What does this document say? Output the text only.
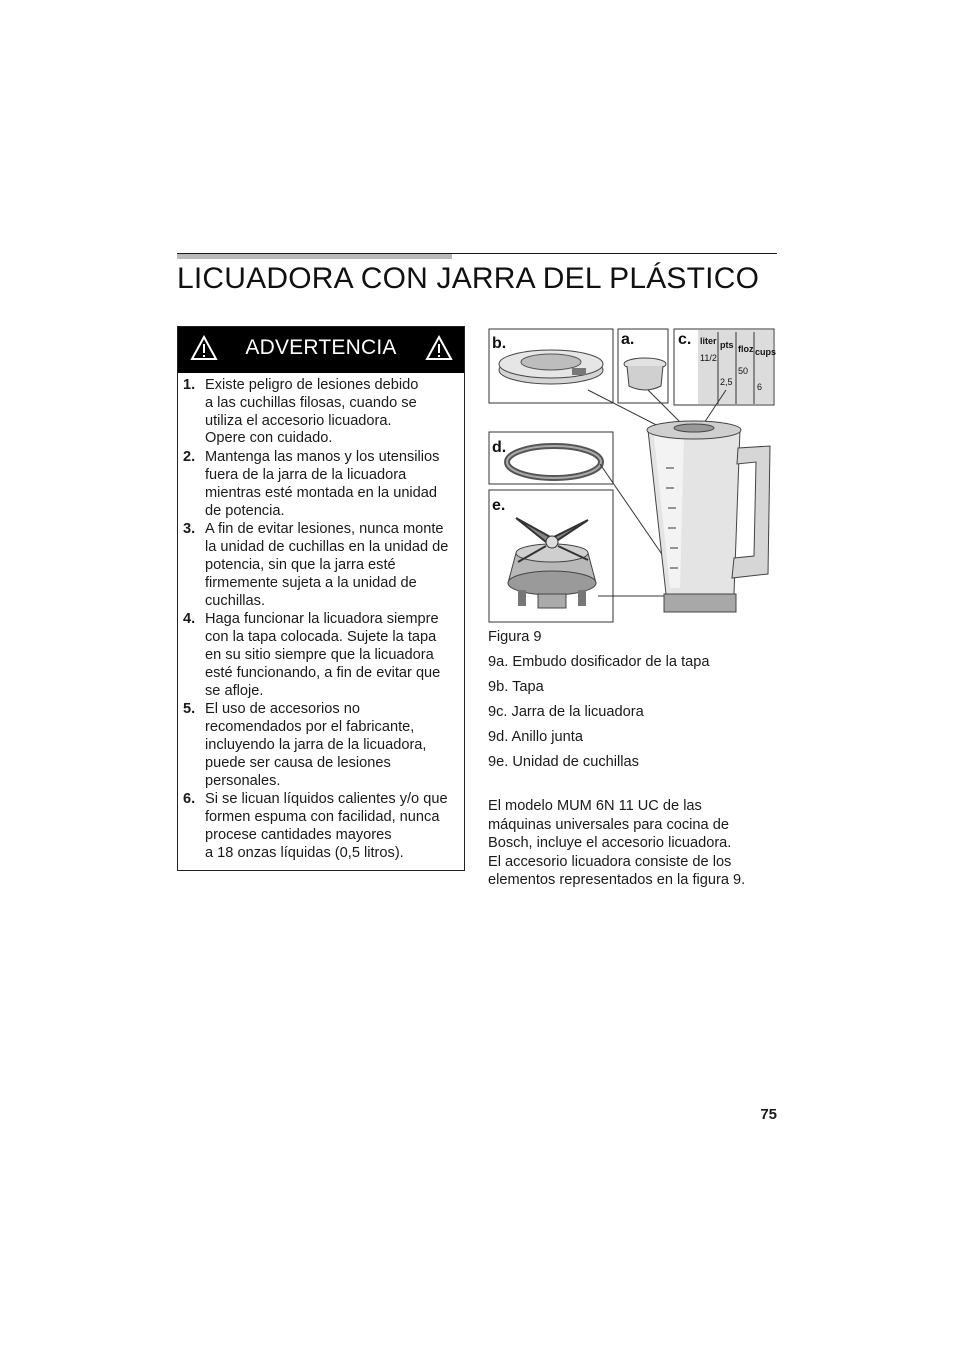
LICUADORA CON JARRA DEL PLÁSTICO
ADVERTENCIA
1. Existe peligro de lesiones debido
a las cuchillas filosas, cuando se
utiliza el accesorio licuadora.
Opere con cuidado.
2. Mantenga las manos y los utensilios
fuera de la jarra de la licuadora
mientras esté montada en la unidad
de potencia.
3. A fin de evitar lesiones, nunca monte
la unidad de cuchillas en la unidad de
potencia, sin que la jarra esté
firmemente sujeta a la unidad de
cuchillas.
4. Haga funcionar la licuadora siempre
con la tapa colocada. Sujete la tapa
en su sitio siempre que la licuadora
esté funcionando, a fin de evitar que
se afloje.
5. El uso de accesorios no
recomendados por el fabricante,
incluyendo la jarra de la licuadora,
puede ser causa de lesiones
personales.
6. Si se licuan líquidos calientes y/o que
formen espuma con facilidad, nunca
procese cantidades mayores
a 18 onzas líquidas (0,5 litros).
b.	a.	liter pts floz cups
11/2
2,5
50
6
c.
d.
e.

Figura 9

9a. Embudo dosificador de la tapa

9b. Tapa

9c. Jarra de la licuadora

9d. Anillo junta

9e. Unidad de cuchillas

El modelo MUM 6N 11 UC de las
máquinas universales para cocina de
Bosch, incluye el accesorio licuadora.
El accesorio licuadora consiste de los
elementos representados en la figura 9.

75
